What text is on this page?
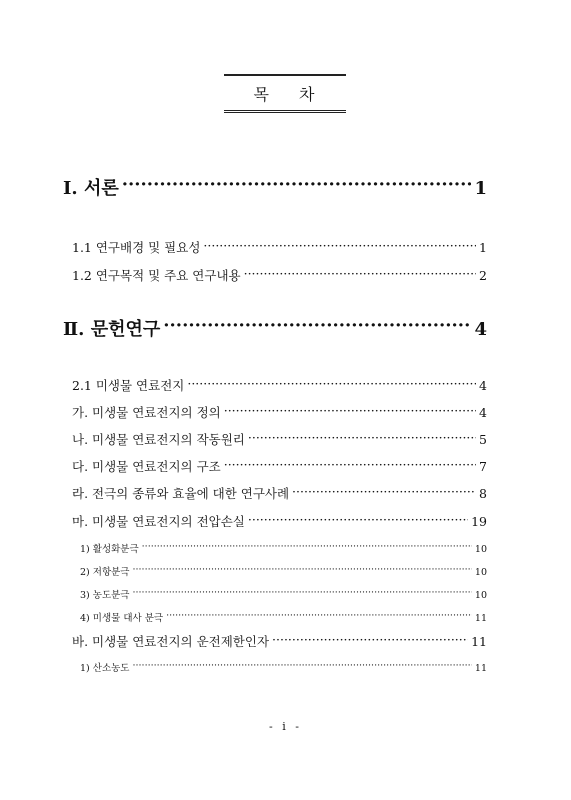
목 차
Ⅰ. 서론 ·····	1
1.1 연구배경 및 필요성 ·····	1
1.2 연구목적 및 주요 연구내용 ·····	2
Ⅱ. 문헌연구 ·····	4
2.1 미생물 연료전지 ·····	4
가. 미생물 연료전지의 정의 ·····	4
나. 미생물 연료전지의 작동원리 ·····	5
다. 미생물 연료전지의 구조 ·····	7
라. 전극의 종류와 효율에 대한 연구사례 ·····	8
마. 미생물 연료전지의 전압손실 ·····	19
1) 활성화분극 ·····	10
2) 저항분극 ·····	10
3) 농도분극 ·····	10
4) 미생물 대사 분극 ·····	11
바. 미생물 연료전지의 운전제한인자 ·····	11
1) 산소농도 ·····	11
- i -
